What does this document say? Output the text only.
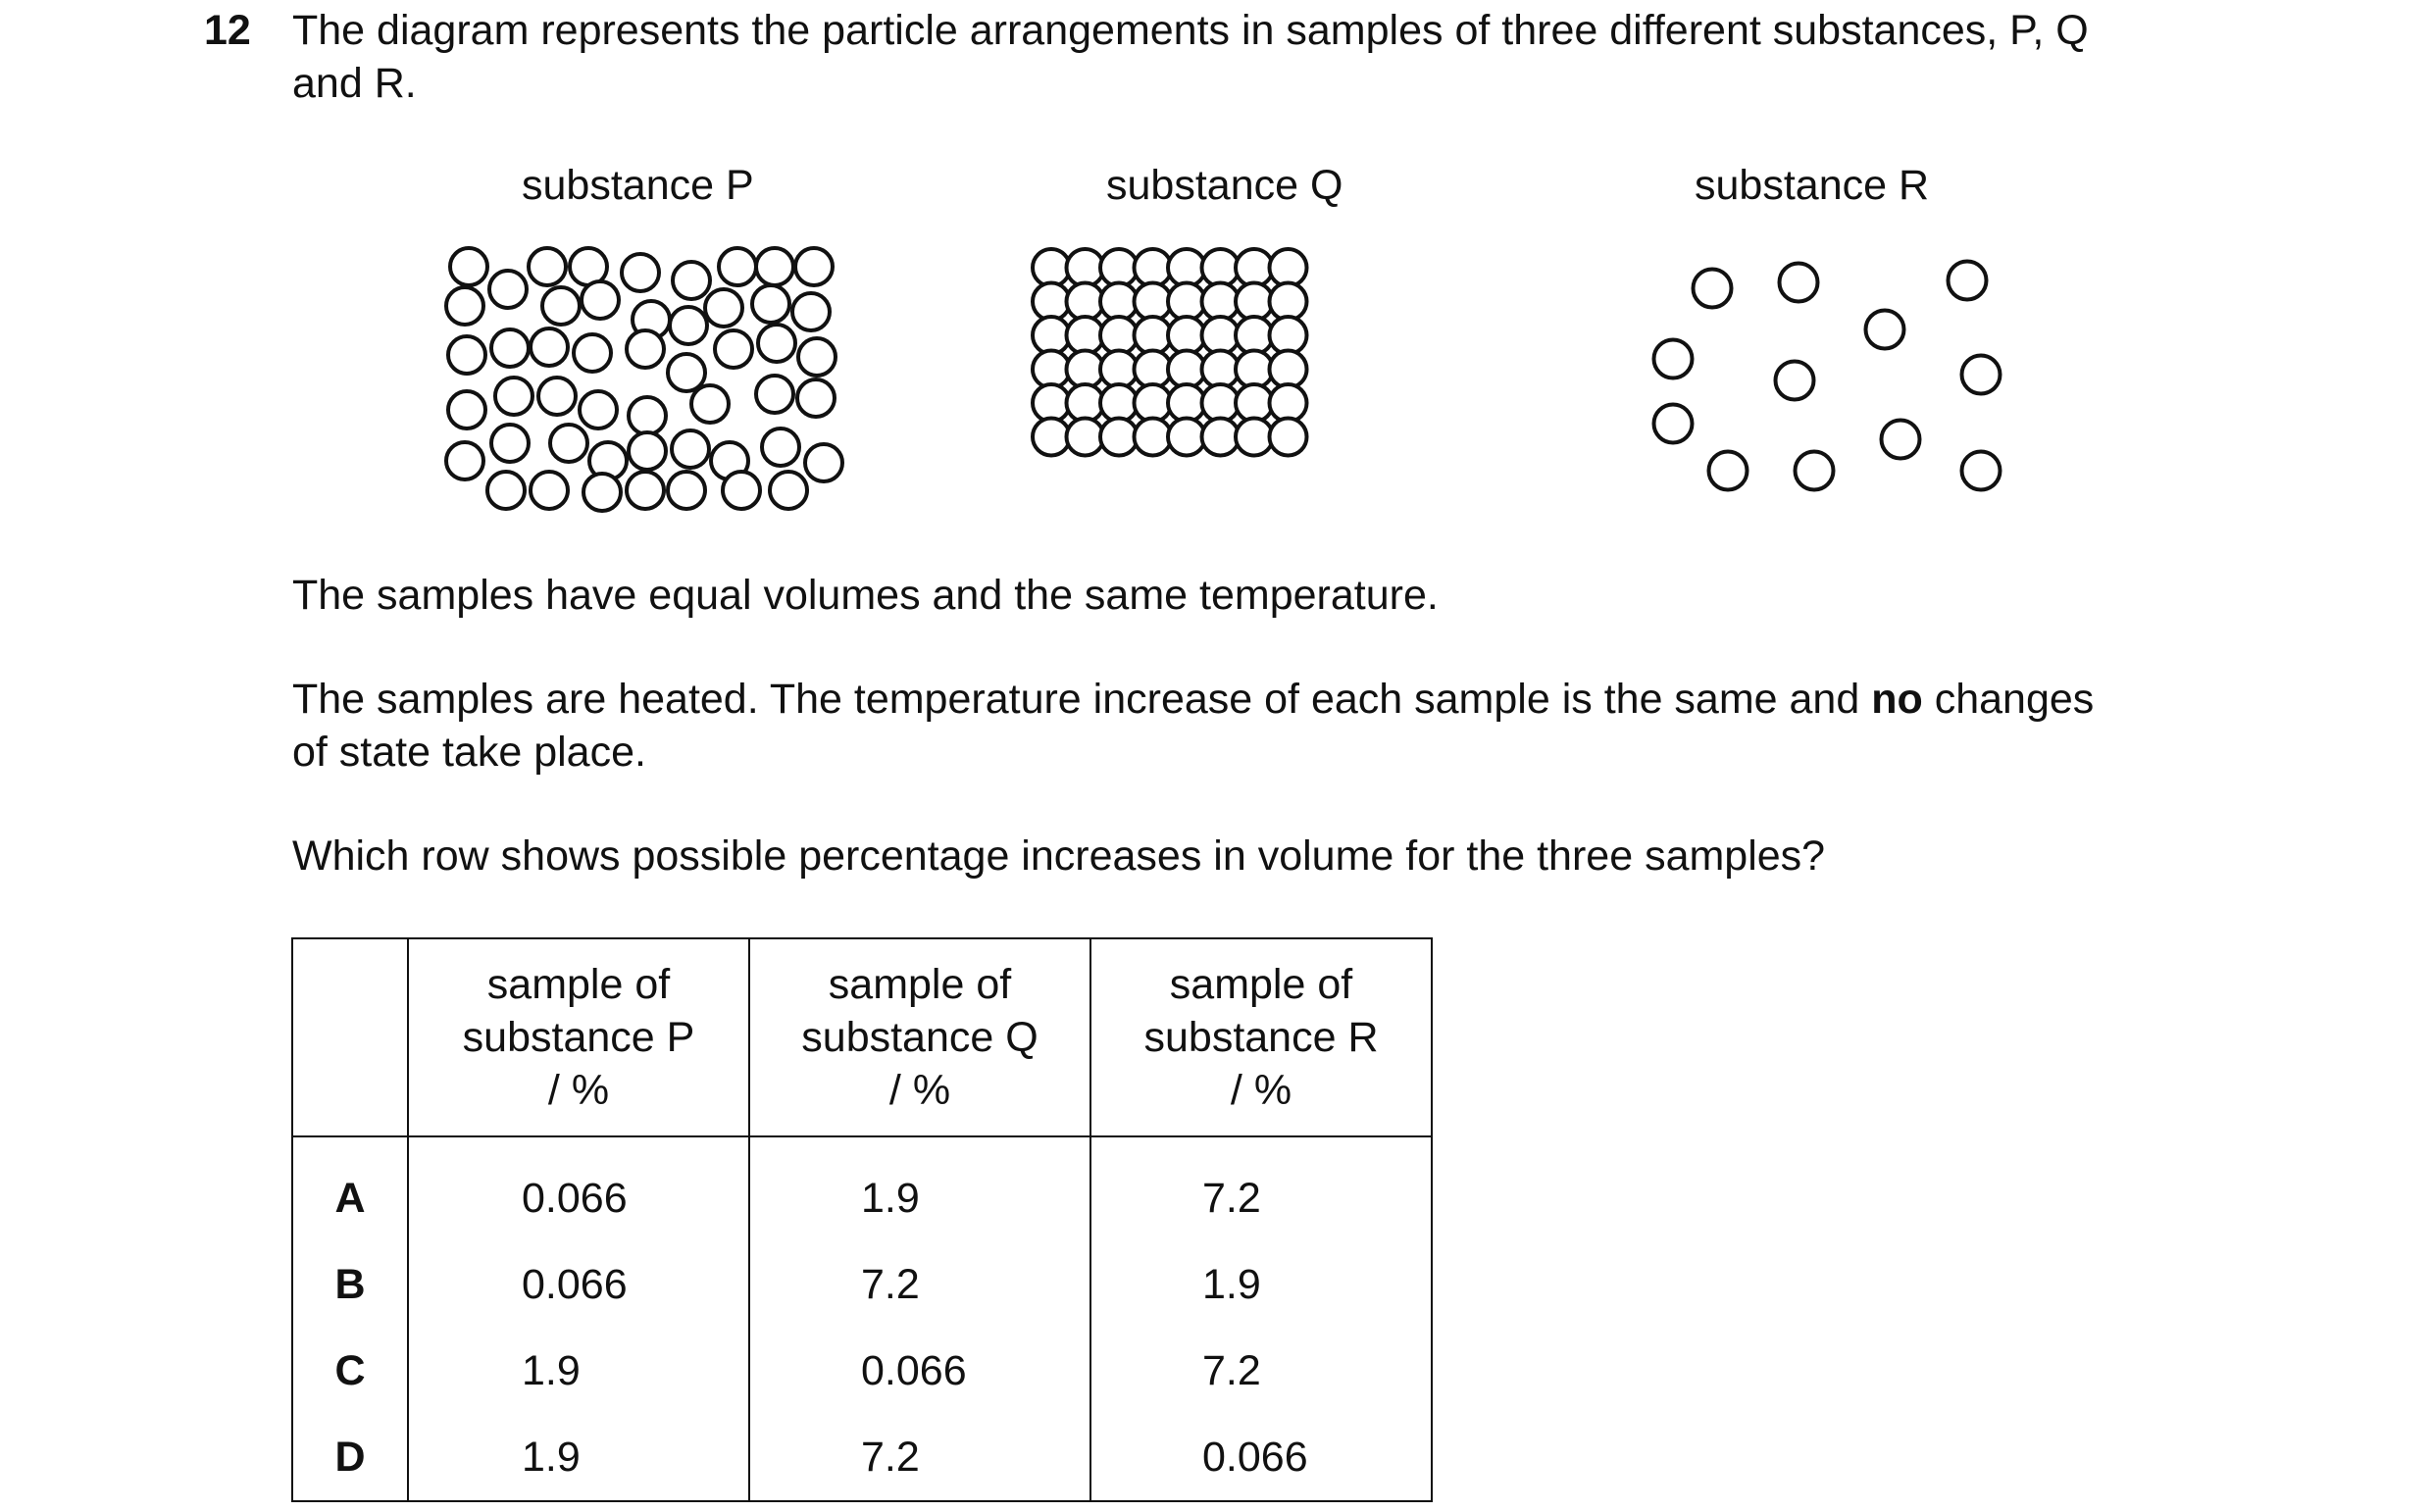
12 The diagram represents the particle arrangements in samples of three different substances, P, Q
and R.

substance P	substance Q	substance R

The samples have equal volumes and the same temperature.

The samples are heated. The temperature increase of each sample is the same and no changes
of state take place.

Which row shows possible percentage increases in volume for the three samples?

	sample of
substance P
/ %	sample of
substance Q
/ %	sample of
substance R
/ %

A	0.066	1.9	7.2
B	0.066	7.2	1.9
C	1.9	0.066	7.2
D	1.9	7.2	0.066
